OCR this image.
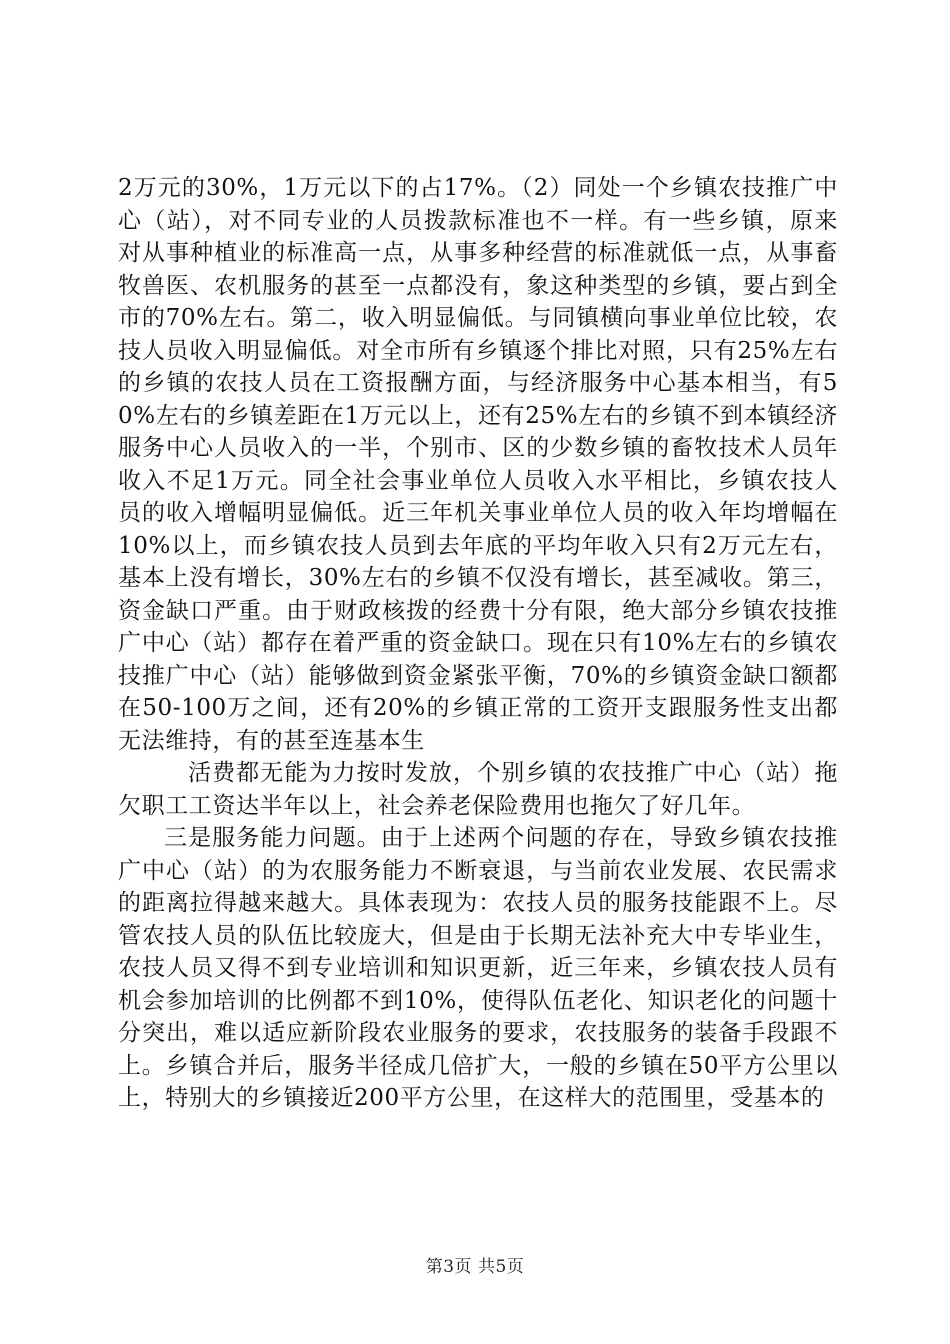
2万元的30%，1万元以下的占17%。（2）同处一个乡镇农技推广中心（站），对不同专业的人员拨款标准也不一样。有一些乡镇，原来对从事种植业的标准高一点，从事多种经营的标准就低一点，从事畜牧兽医、农机服务的甚至一点都没有，象这种类型的乡镇，要占到全市的70%左右。第二，收入明显偏低。与同镇横向事业单位比较，农技人员收入明显偏低。对全市所有乡镇逐个排比对照，只有25%左右的乡镇的农技人员在工资报酬方面，与经济服务中心基本相当，有50%左右的乡镇差距在1万元以上，还有25%左右的乡镇不到本镇经济服务中心人员收入的一半，个别市、区的少数乡镇的畜牧技术人员年收入不足1万元。同全社会事业单位人员收入水平相比，乡镇农技人员的收入增幅明显偏低。近三年机关事业单位人员的收入年均增幅在10%以上，而乡镇农技人员到去年底的平均年收入只有2万元左右，基本上没有增长，30%左右的乡镇不仅没有增长，甚至减收。第三，资金缺口严重。由于财政核拨的经费十分有限，绝大部分乡镇农技推广中心（站）都存在着严重的资金缺口。现在只有10%左右的乡镇农技推广中心（站）能够做到资金紧张平衡，70%的乡镇资金缺口额都在50-100万之间，还有20%的乡镇正常的工资开支跟服务性支出都无法维持，有的甚至连基本生

活费都无能为力按时发放，个别乡镇的农技推广中心（站）拖欠职工工资达半年以上，社会养老保险费用也拖欠了好几年。

三是服务能力问题。由于上述两个问题的存在，导致乡镇农技推广中心（站）的为农服务能力不断衰退，与当前农业发展、农民需求的距离拉得越来越大。具体表现为：农技人员的服务技能跟不上。尽管农技人员的队伍比较庞大，但是由于长期无法补充大中专毕业生，农技人员又得不到专业培训和知识更新，近三年来，乡镇农技人员有机会参加培训的比例都不到10%，使得队伍老化、知识老化的问题十分突出，难以适应新阶段农业服务的要求，农技服务的装备手段跟不上。乡镇合并后，服务半径成几倍扩大，一般的乡镇在50平方公里以上，特别大的乡镇接近200平方公里，在这样大的范围里，受基本的

第3页 共5页
